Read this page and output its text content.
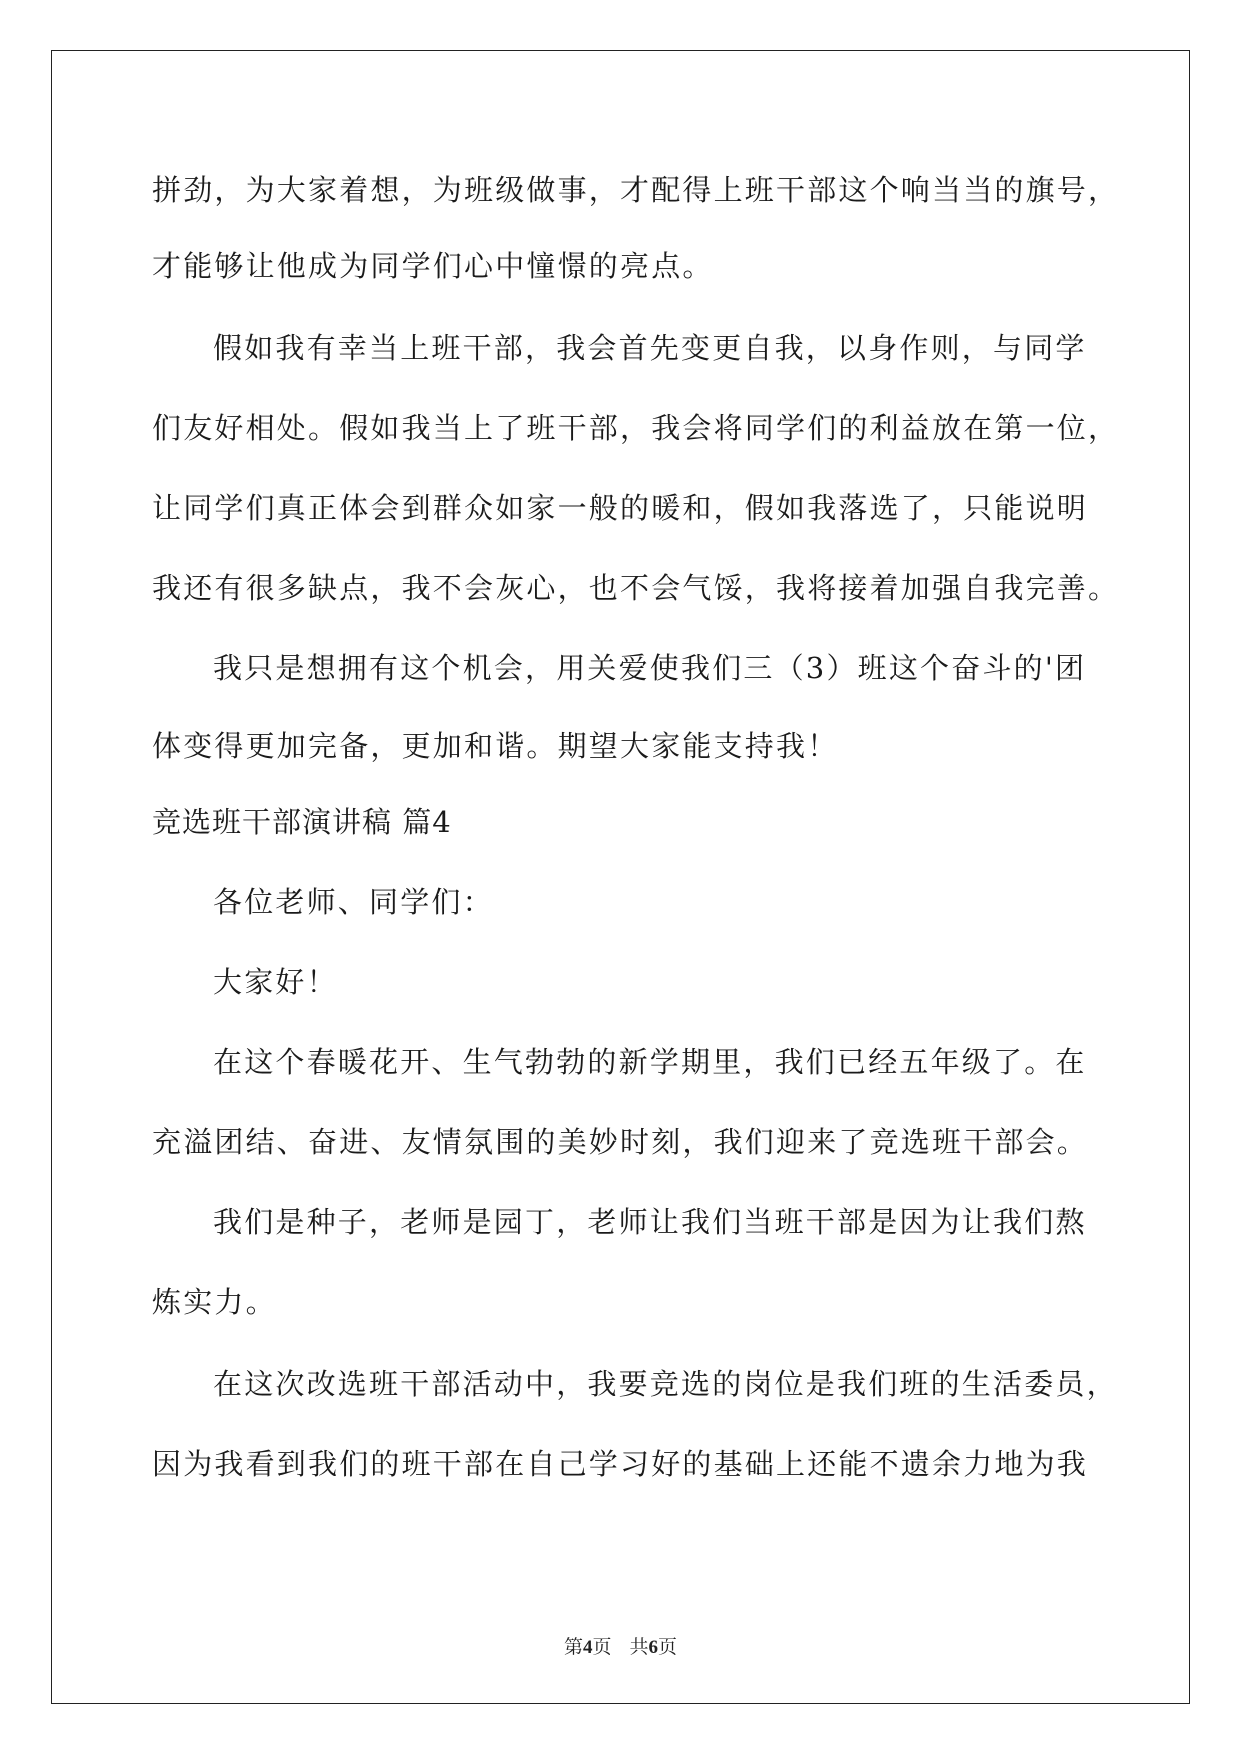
拼劲，为大家着想，为班级做事，才配得上班干部这个响当当的旗号，
才能够让他成为同学们心中憧憬的亮点。
假如我有幸当上班干部，我会首先变更自我，以身作则，与同学
们友好相处。假如我当上了班干部，我会将同学们的利益放在第一位，
让同学们真正体会到群众如家一般的暖和，假如我落选了，只能说明
我还有很多缺点，我不会灰心，也不会气馁，我将接着加强自我完善。
我只是想拥有这个机会，用关爱使我们三（3）班这个奋斗的'团
体变得更加完备，更加和谐。期望大家能支持我！
竞选班干部演讲稿 篇4
各位老师、同学们：
大家好！
在这个春暖花开、生气勃勃的新学期里，我们已经五年级了。在
充溢团结、奋进、友情氛围的美妙时刻，我们迎来了竞选班干部会。
我们是种子，老师是园丁，老师让我们当班干部是因为让我们熬
炼实力。
在这次改选班干部活动中，我要竞选的岗位是我们班的生活委员，
因为我看到我们的班干部在自己学习好的基础上还能不遗余力地为我
第4页 共6页
